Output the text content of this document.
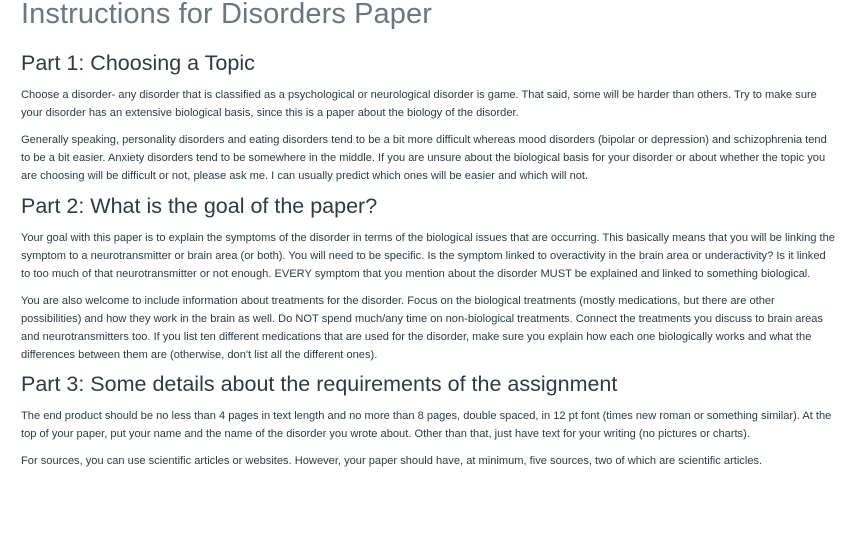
Instructions for Disorders Paper
Part 1: Choosing a Topic

Choose a disorder- any disorder that is classified as a psychological or neurological disorder is game. That said, some will be harder than others. Try to make sure your disorder has an extensive biological basis, since this is a paper about the biology of the disorder.

Generally speaking, personality disorders and eating disorders tend to be a bit more difficult whereas mood disorders (bipolar or depression) and schizophrenia tend to be a bit easier. Anxiety disorders tend to be somewhere in the middle. If you are unsure about the biological basis for your disorder or about whether the topic you are choosing will be difficult or not, please ask me. I can usually predict which ones will be easier and which will not.

Part 2: What is the goal of the paper?

Your goal with this paper is to explain the symptoms of the disorder in terms of the biological issues that are occurring. This basically means that you will be linking the symptom to a neurotransmitter or brain area (or both). You will need to be specific. Is the symptom linked to overactivity in the brain area or underactivity? Is it linked to too much of that neurotransmitter or not enough. EVERY symptom that you mention about the disorder MUST be explained and linked to something biological.

You are also welcome to include information about treatments for the disorder. Focus on the biological treatments (mostly medications, but there are other possibilities) and how they work in the brain as well. Do NOT spend much/any time on non-biological treatments. Connect the treatments you discuss to brain areas and neurotransmitters too. If you list ten different medications that are used for the disorder, make sure you explain how each one biologically works and what the differences between them are (otherwise, don't list all the different ones).

Part 3: Some details about the requirements of the assignment

The end product should be no less than 4 pages in text length and no more than 8 pages, double spaced, in 12 pt font (times new roman or something similar). At the top of your paper, put your name and the name of the disorder you wrote about. Other than that, just have text for your writing (no pictures or charts).

For sources, you can use scientific articles or websites. However, your paper should have, at minimum, five sources, two of which are scientific articles.
